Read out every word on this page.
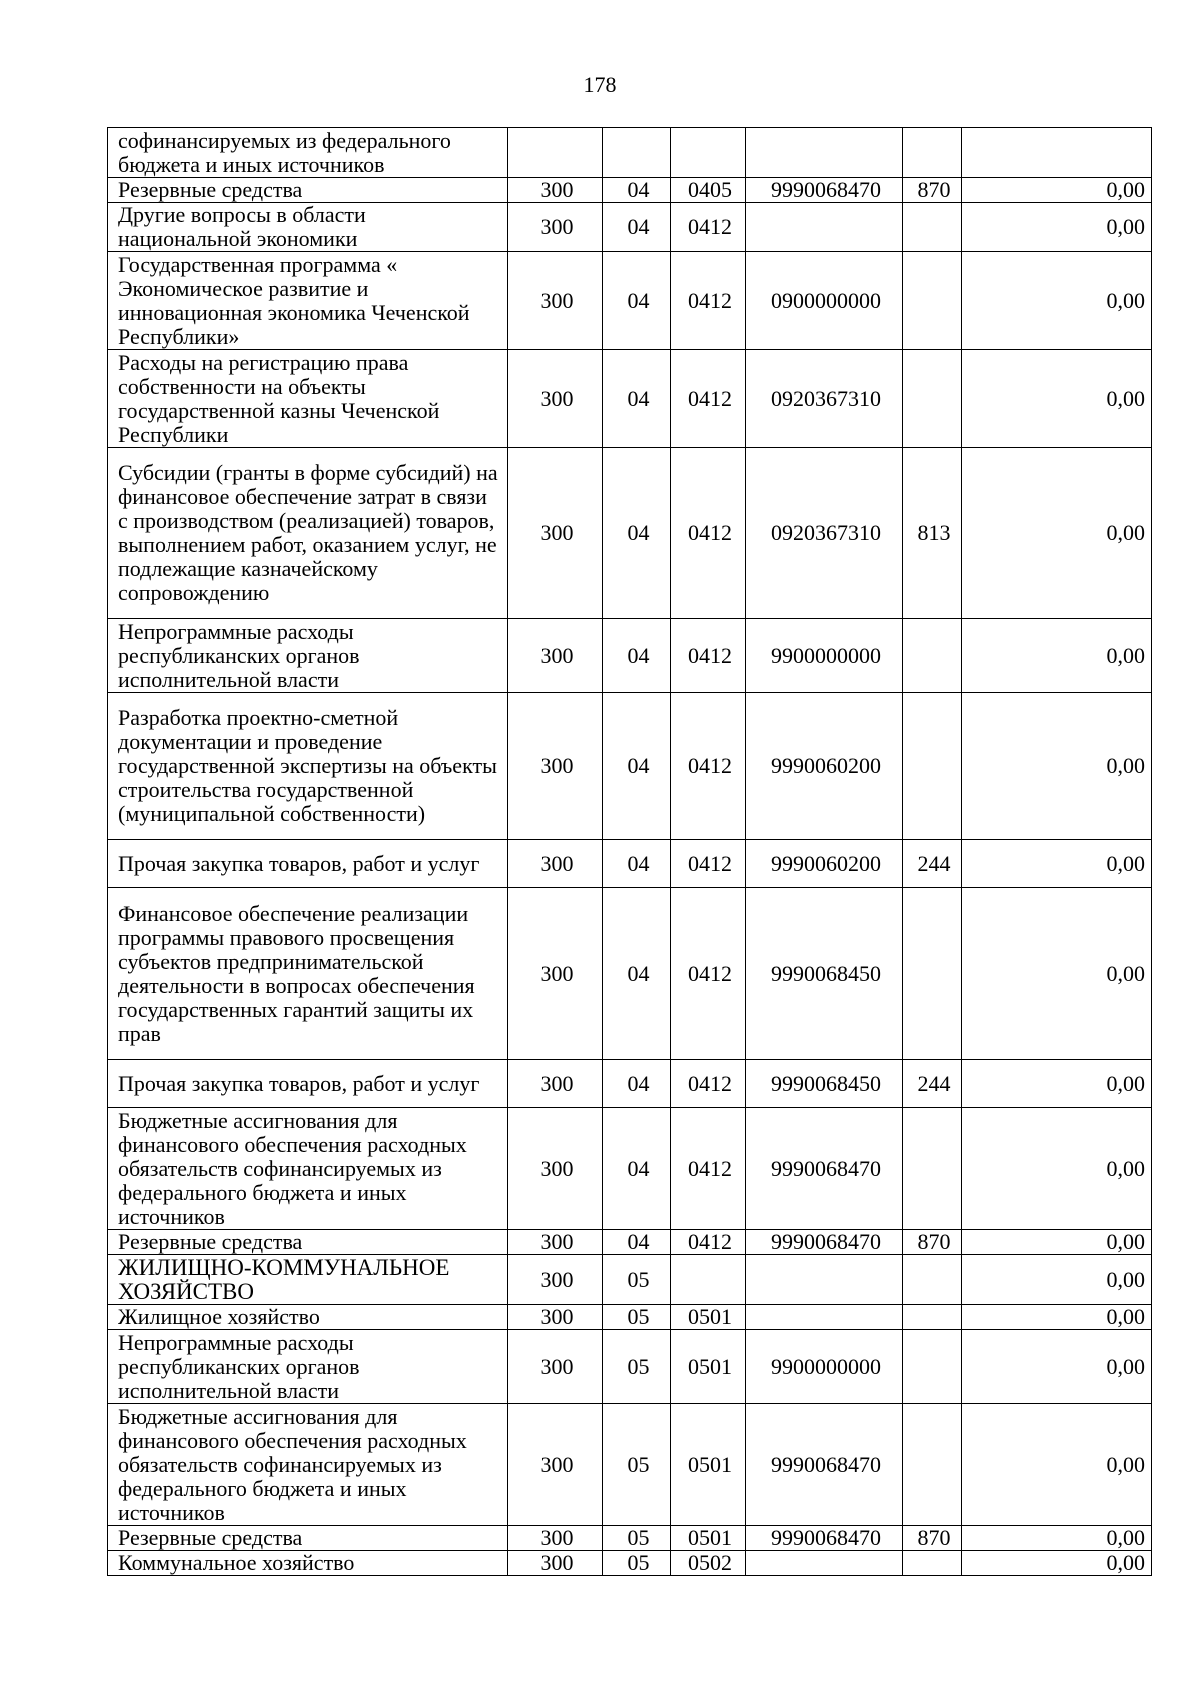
178
софинансируемых из федерального бюджета и иных источников						
Резервные средства	300	04	0405	9990068470	870	0,00
Другие вопросы в области национальной экономики	300	04	0412			0,00
Государственная программа « Экономическое развитие и инновационная экономика Чеченской Республики»	300	04	0412	0900000000		0,00
Расходы на регистрацию права собственности на объекты государственной казны Чеченской Республики	300	04	0412	0920367310		0,00
Субсидии (гранты в форме субсидий) на финансовое обеспечение затрат в связи с производством (реализацией) товаров, выполнением работ, оказанием услуг, не подлежащие казначейскому сопровождению	300	04	0412	0920367310	813	0,00
Непрограммные расходы республиканских органов исполнительной власти	300	04	0412	9900000000		0,00
Разработка проектно-сметной документации и проведение государственной экспертизы на объекты строительства государственной (муниципальной собственности)	300	04	0412	9990060200		0,00
Прочая закупка товаров, работ и услуг	300	04	0412	9990060200	244	0,00
Финансовое обеспечение реализации программы правового просвещения субъектов предпринимательской деятельности в вопросах обеспечения государственных гарантий защиты их прав	300	04	0412	9990068450		0,00
Прочая закупка товаров, работ и услуг	300	04	0412	9990068450	244	0,00
Бюджетные ассигнования для финансового обеспечения расходных обязательств софинансируемых из федерального бюджета и иных источников	300	04	0412	9990068470		0,00
Резервные средства	300	04	0412	9990068470	870	0,00
ЖИЛИЩНО-КОММУНАЛЬНОЕ ХОЗЯЙСТВО	300	05				0,00
Жилищное хозяйство	300	05	0501			0,00
Непрограммные расходы республиканских органов исполнительной власти	300	05	0501	9900000000		0,00
Бюджетные ассигнования для финансового обеспечения расходных обязательств софинансируемых из федерального бюджета и иных источников	300	05	0501	9990068470		0,00
Резервные средства	300	05	0501	9990068470	870	0,00
Коммунальное хозяйство	300	05	0502			0,00
